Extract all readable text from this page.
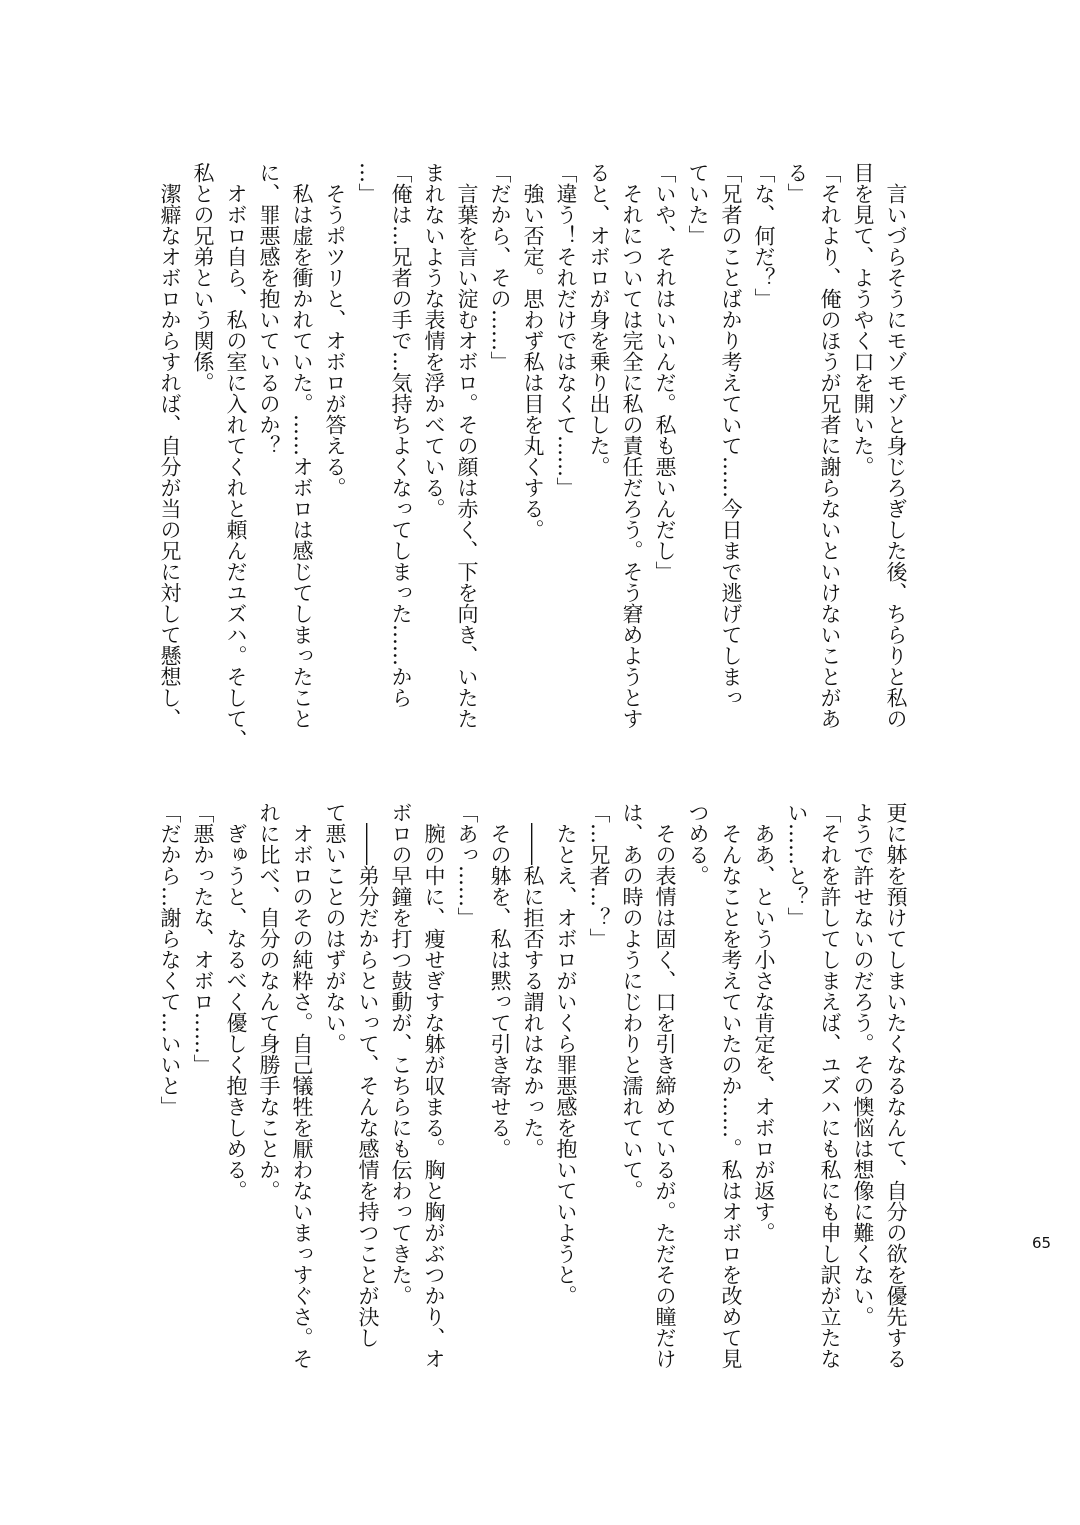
　言いづらそうにモゾモゾと身じろぎした後、ちらりと私の
目を見て、ようやく口を開いた。
「それより、俺のほうが兄者に謝らないといけないことがあ
る」
「な、何だ？」
「兄者のことばかり考えていて……今日まで逃げてしまっ
ていた」
「いや、それはいいんだ。私も悪いんだし」
　それについては完全に私の責任だろう。そう窘めようとす
ると、オボロが身を乗り出した。
「違う！それだけではなくて……」
　強い否定。思わず私は目を丸くする。
「だから、その……」
　言葉を言い淀むオボロ。その顔は赤く、下を向き、いたた
まれないような表情を浮かべている。
「俺は…兄者の手で…気持ちよくなってしまった……から
…」
　そうポツリと、オボロが答える。
　私は虚を衝かれていた。……オボロは感じてしまったこと
に、罪悪感を抱いているのか？
　オボロ自ら、私の室に入れてくれと頼んだユズハ。そして、
私との兄弟という関係。
　潔癖なオボロからすれば、自分が当の兄に対して懸想し、
更に躰を預けてしまいたくなるなんて、自分の欲を優先する
ようで許せないのだろう。その懊悩は想像に難くない。
「それを許してしまえば、ユズハにも私にも申し訳が立たな
い……と？」
　ああ、という小さな肯定を、オボロが返す。
　そんなことを考えていたのか……。私はオボロを改めて見
つめる。
　その表情は固く、口を引き締めているが。ただその瞳だけ
は、あの時のようにじわりと濡れていて。
「…兄者…？」
　たとえ、オボロがいくら罪悪感を抱いていようと。
　――私に拒否する謂れはなかった。
　その躰を、私は黙って引き寄せる。
「あっ……」
　腕の中に、痩せぎすな躰が収まる。胸と胸がぶつかり、オ
ボロの早鐘を打つ鼓動が、こちらにも伝わってきた。
　――弟分だからといって、そんな感情を持つことが決し
て悪いことのはずがない。
　オボロのその純粋さ。自己犠牲を厭わないまっすぐさ。そ
れに比べ、自分のなんて身勝手なことか。
　ぎゅうと、なるべく優しく抱きしめる。
「悪かったな、オボロ……」
「だから…謝らなくて…いいと」
65
